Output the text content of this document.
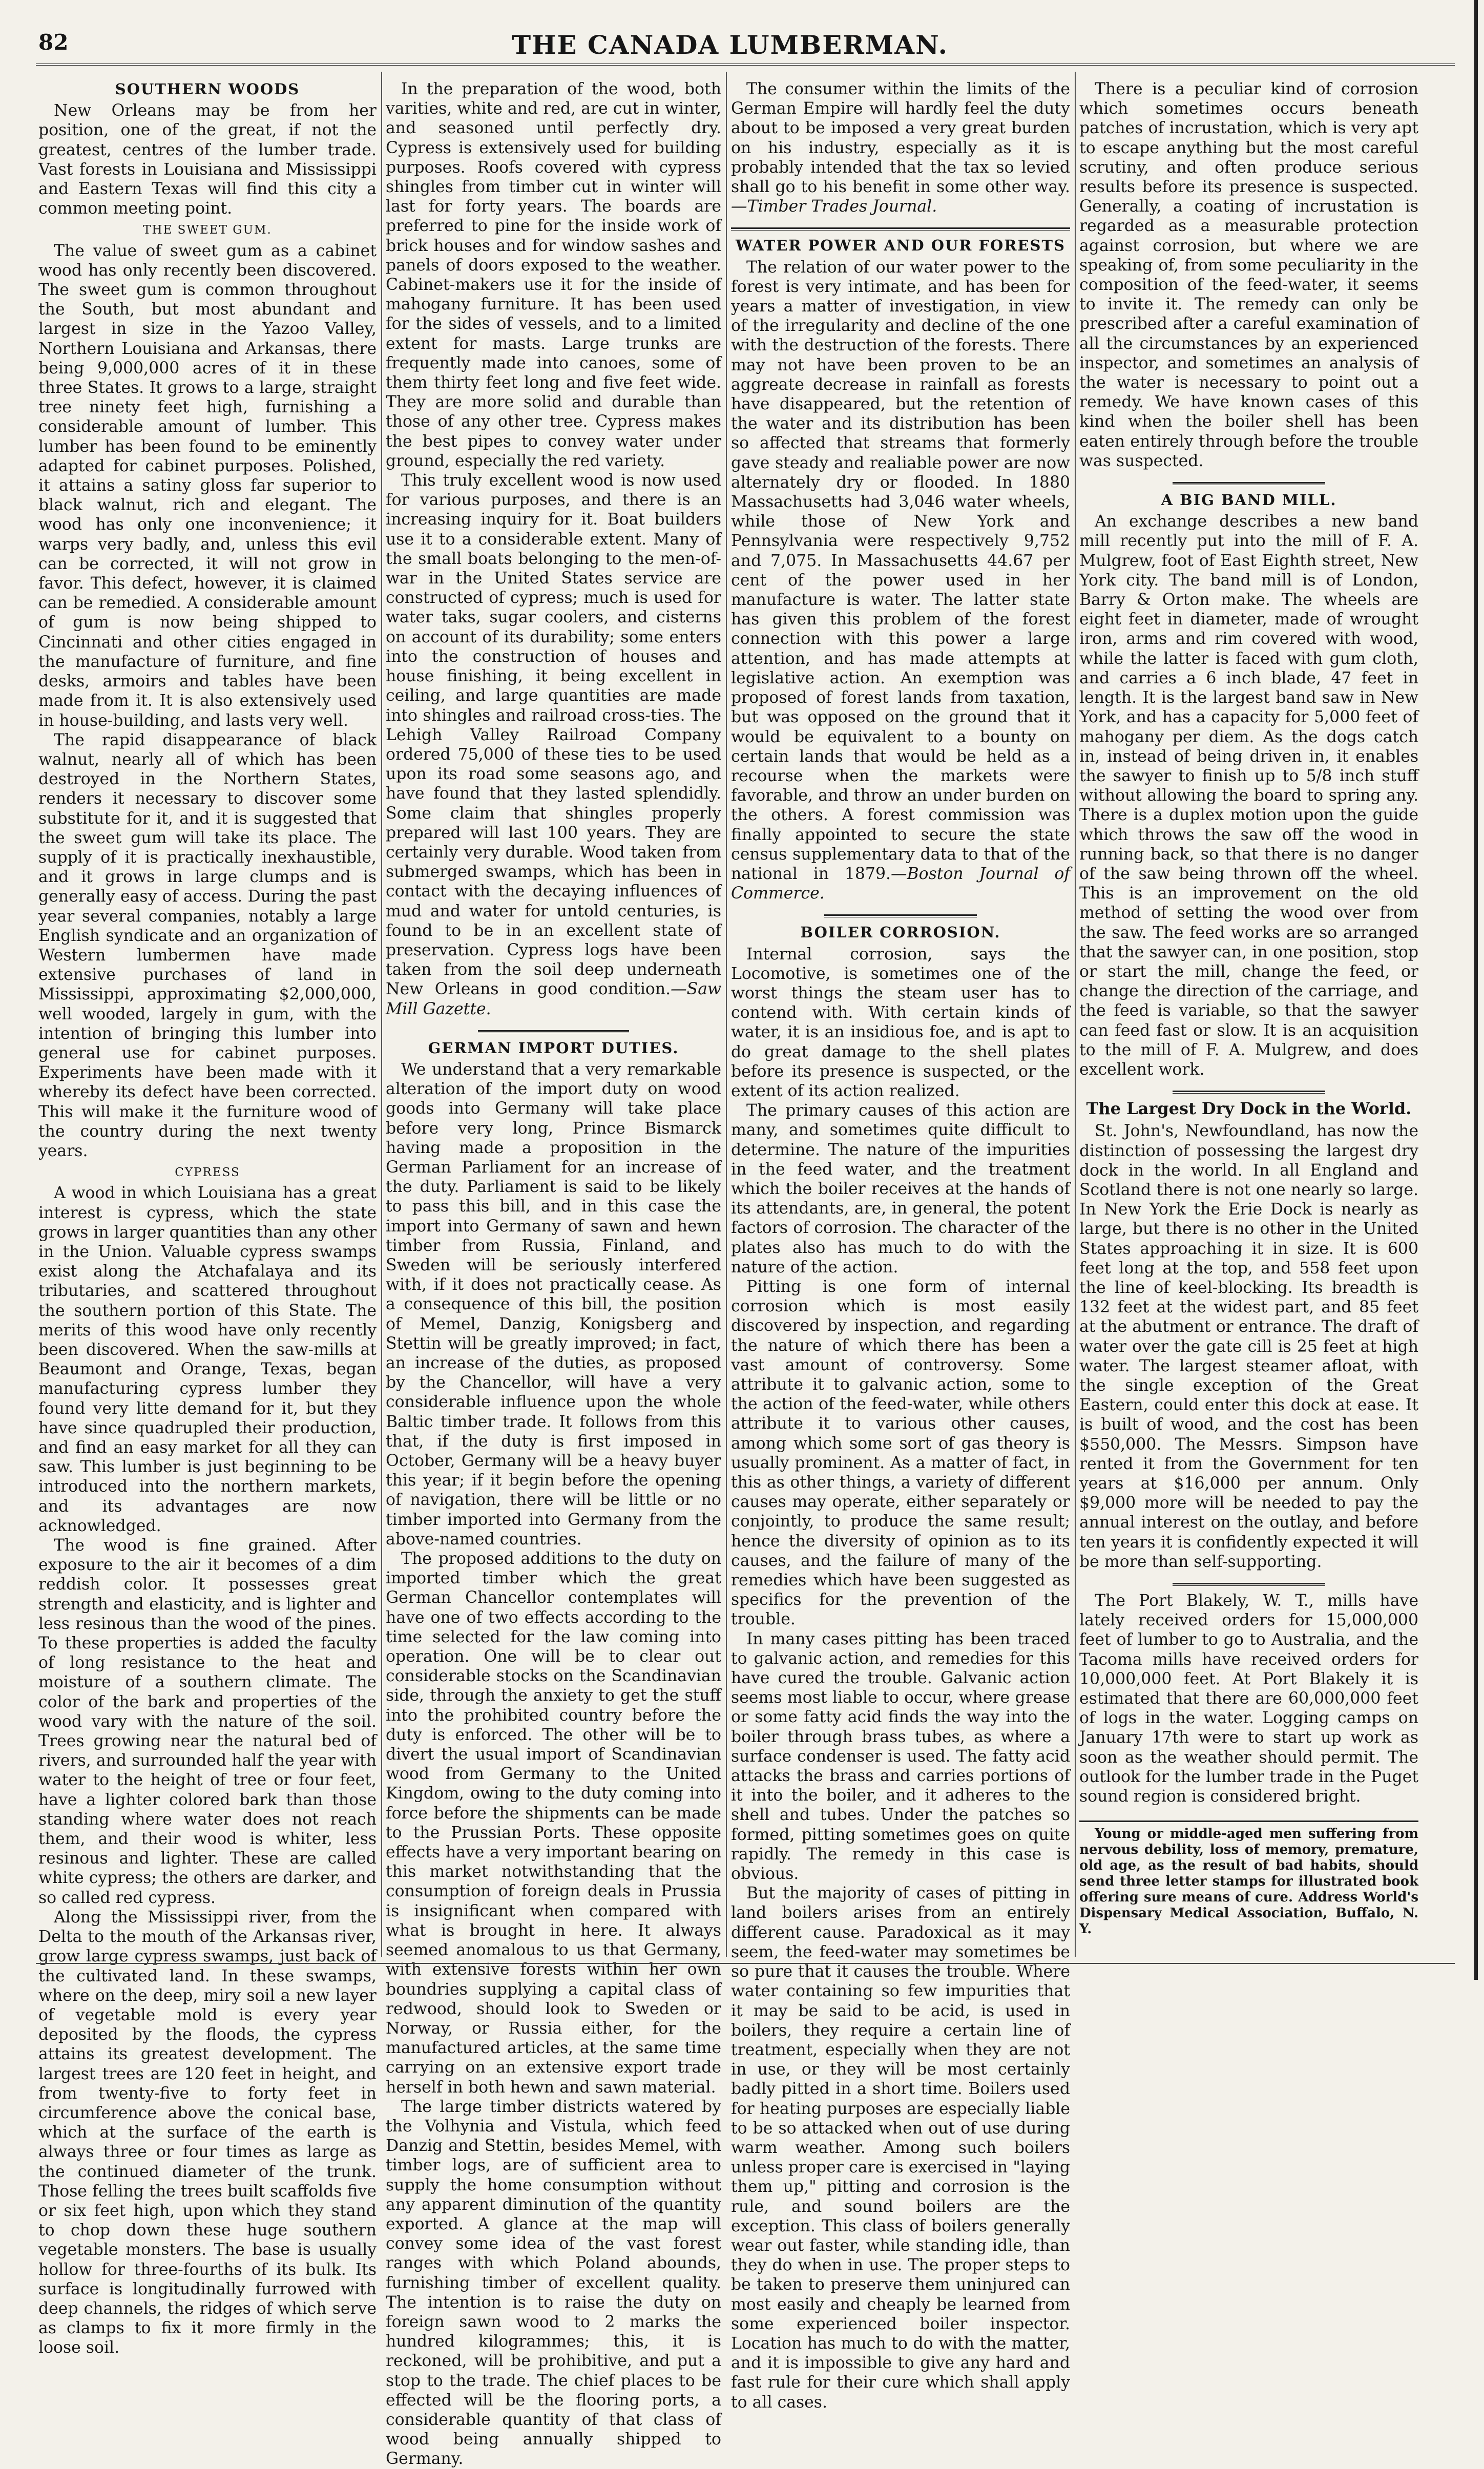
82	THE CANADA LUMBERMAN.
SOUTHERN WOODS

New Orleans may be from her position, one of the great, if not the greatest, centres of the lumber trade. Vast forests in Louisiana and Mississippi and Eastern Texas will find this city a common meeting point.

THE SWEET GUM.

The value of sweet gum as a cabinet wood has only recently been discovered. The sweet gum is common throughout the South, but most abundant and largest in size in the Yazoo Valley, Northern Louisiana and Arkansas, there being 9,000,000 acres of it in these three States. It grows to a large, straight tree ninety feet high, furnishing a considerable amount of lumber. This lumber has been found to be eminently adapted for cabinet purposes. Polished, it attains a satiny gloss far superior to black walnut, rich and elegant. The wood has only one inconvenience; it warps very badly, and, unless this evil can be corrected, it will not grow in favor. This defect, however, it is claimed can be remedied. A considerable amount of gum is now being shipped to Cincinnati and other cities engaged in the manufacture of furniture, and fine desks, armoirs and tables have been made from it. It is also extensively used in house-building, and lasts very well.

The rapid disappearance of black walnut, nearly all of which has been destroyed in the Northern States, renders it necessary to discover some substitute for it, and it is suggested that the sweet gum will take its place. The supply of it is practically inexhaustible, and it grows in large clumps and is generally easy of access. During the past year several companies, notably a large English syndicate and an organization of Western lumbermen have made extensive purchases of land in Mississippi, approximating $2,000,000, well wooded, largely in gum, with the intention of bringing this lumber into general use for cabinet purposes. Experiments have been made with it whereby its defect have been corrected. This will make it the furniture wood of the country during the next twenty years.

CYPRESS

A wood in which Louisiana has a great interest is cypress, which the state grows in larger quantities than any other in the Union. Valuable cypress swamps exist along the Atchafalaya and its tributaries, and scattered throughout the southern portion of this State. The merits of this wood have only recently been discovered. When the saw-mills at Beaumont and Orange, Texas, began manufacturing cypress lumber they found very litte demand for it, but they have since quadrupled their production, and find an easy market for all they can saw. This lumber is just beginning to be introduced into the northern markets, and its advantages are now acknowledged.

The wood is fine grained. After exposure to the air it becomes of a dim reddish color. It possesses great strength and elasticity, and is lighter and less resinous than the wood of the pines. To these properties is added the faculty of long resistance to the heat and moisture of a southern climate. The color of the bark and properties of the wood vary with the nature of the soil. Trees growing near the natural bed of rivers, and surrounded half the year with water to the height of tree or four feet, have a lighter colored bark than those standing where water does not reach them, and their wood is whiter, less resinous and lighter. These are called white cypress; the others are darker, and so called red cypress.

Along the Mississippi river, from the Delta to the mouth of the Arkansas river, grow large cypress swamps, just back of the cultivated land. In these swamps, where on the deep, miry soil a new layer of vegetable mold is every year deposited by the floods, the cypress attains its greatest development. The largest trees are 120 feet in height, and from twenty-five to forty feet in circumference above the conical base, which at the surface of the earth is always three or four times as large as the continued diameter of the trunk. Those felling the trees built scaffolds five or six feet high, upon which they stand to chop down these huge southern vegetable monsters. The base is usually hollow for three-fourths of its bulk. Its surface is longitudinally furrowed with deep channels, the ridges of which serve as clamps to fix it more firmly in the loose soil.

In the preparation of the wood, both varities, white and red, are cut in winter, and seasoned until perfectly dry. Cypress is extensively used for building purposes. Roofs covered with cypress shingles from timber cut in winter will last for forty years. The boards are preferred to pine for the inside work of brick houses and for window sashes and panels of doors exposed to the weather. Cabinet-makers use it for the inside of mahogany furniture. It has been used for the sides of vessels, and to a limited extent for masts. Large trunks are frequently made into canoes, some of them thirty feet long and five feet wide. They are more solid and durable than those of any other tree. Cypress makes the best pipes to convey water under ground, especially the red variety.

This truly excellent wood is now used for various purposes, and there is an increasing inquiry for it. Boat builders use it to a considerable extent. Many of the small boats belonging to the men-of-war in the United States service are constructed of cypress; much is used for water taks, sugar coolers, and cisterns on account of its durability; some enters into the construction of houses and house finishing, it being excellent in ceiling, and large quantities are made into shingles and railroad cross-ties. The Lehigh Valley Railroad Company ordered 75,000 of these ties to be used upon its road some seasons ago, and have found that they lasted splendidly. Some claim that shingles properly prepared will last 100 years. They are certainly very durable. Wood taken from submerged swamps, which has been in contact with the decaying influences of mud and water for untold centuries, is found to be in an excellent state of preservation. Cypress logs have been taken from the soil deep underneath New Orleans in good condition.—Saw Mill Gazette.

GERMAN IMPORT DUTIES.

We understand that a very remarkable alteration of the import duty on wood goods into Germany will take place before very long, Prince Bismarck having made a proposition in the German Parliament for an increase of the duty. Parliament is said to be likely to pass this bill, and in this case the import into Germany of sawn and hewn timber from Russia, Finland, and Sweden will be seriously interfered with, if it does not practically cease. As a consequence of this bill, the position of Memel, Danzig, Konigsberg and Stettin will be greatly improved; in fact, an increase of the duties, as proposed by the Chancellor, will have a very considerable influence upon the whole Baltic timber trade. It follows from this that, if the duty is first imposed in October, Germany will be a heavy buyer this year; if it begin before the opening of navigation, there will be little or no timber imported into Germany from the above-named countries.

The proposed additions to the duty on imported timber which the great German Chancellor contemplates will have one of two effects according to the time selected for the law coming into operation. One will be to clear out considerable stocks on the Scandinavian side, through the anxiety to get the stuff into the prohibited country before the duty is enforced. The other will be to divert the usual import of Scandinavian wood from Germany to the United Kingdom, owing to the duty coming into force before the shipments can be made to the Prussian Ports. These opposite effects have a very important bearing on this market notwithstanding that the consumption of foreign deals in Prussia is insignificant when compared with what is brought in here. It always seemed anomalous to us that Germany, with extensive forests within her own boundries supplying a capital class of redwood, should look to Sweden or Norway, or Russia either, for the manufactured articles, at the same time carrying on an extensive export trade herself in both hewn and sawn material.

The large timber districts watered by the Volhynia and Vistula, which feed Danzig and Stettin, besides Memel, with timber logs, are of sufficient area to supply the home consumption without any apparent diminution of the quantity exported. A glance at the map will convey some idea of the vast forest ranges with which Poland abounds, furnishing timber of excellent quality. The intention is to raise the duty on foreign sawn wood to 2 marks the hundred kilogrammes; this, it is reckoned, will be prohibitive, and put a stop to the trade. The chief places to be effected will be the flooring ports, a considerable quantity of that class of wood being annually shipped to Germany.

The consumer within the limits of the German Empire will hardly feel the duty about to be imposed a very great burden on his industry, especially as it is probably intended that the tax so levied shall go to his benefit in some other way.—Timber Trades Journal.

WATER POWER AND OUR FORESTS

The relation of our water power to the forest is very intimate, and has been for years a matter of investigation, in view of the irregularity and decline of the one with the destruction of the forests. There may not have been proven to be an aggreate decrease in rainfall as forests have disappeared, but the retention of the water and its distribution has been so affected that streams that formerly gave steady and realiable power are now alternately dry or flooded. In 1880 Massachusetts had 3,046 water wheels, while those of New York and Pennsylvania were respectively 9,752 and 7,075. In Massachusetts 44.67 per cent of the power used in her manufacture is water. The latter state has given this problem of the forest connection with this power a large attention, and has made attempts at legislative action. An exemption was proposed of forest lands from taxation, but was opposed on the ground that it would be equivalent to a bounty on certain lands that would be held as a recourse when the markets were favorable, and throw an under burden on the others. A forest commission was finally appointed to secure the state census supplementary data to that of the national in 1879.—Boston Journal of Commerce.

BOILER CORROSION.

Internal corrosion, says the Locomotive, is sometimes one of the worst things the steam user has to contend with. With certain kinds of water, it is an insidious foe, and is apt to do great damage to the shell plates before its presence is suspected, or the extent of its action realized.

The primary causes of this action are many, and sometimes quite difficult to determine. The nature of the impurities in the feed water, and the treatment which the boiler receives at the hands of its attendants, are, in general, the potent factors of corrosion. The character of the plates also has much to do with the nature of the action.

Pitting is one form of internal corrosion which is most easily discovered by inspection, and regarding the nature of which there has been a vast amount of controversy. Some attribute it to galvanic action, some to the action of the feed-water, while others attribute it to various other causes, among which some sort of gas theory is usually prominent. As a matter of fact, in this as other things, a variety of different causes may operate, either separately or conjointly, to produce the same result; hence the diversity of opinion as to its causes, and the failure of many of the remedies which have been suggested as specifics for the prevention of the trouble.

In many cases pitting has been traced to galvanic action, and remedies for this have cured the trouble. Galvanic action seems most liable to occur, where grease or some fatty acid finds the way into the boiler through brass tubes, as where a surface condenser is used. The fatty acid attacks the brass and carries portions of it into the boiler, and it adheres to the shell and tubes. Under the patches so formed, pitting sometimes goes on quite rapidly. The remedy in this case is obvious.

But the majority of cases of pitting in land boilers arises from an entirely different cause. Paradoxical as it may seem, the feed-water may sometimes be so pure that it causes the trouble. Where water containing so few impurities that it may be said to be acid, is used in boilers, they require a certain line of treatment, especially when they are not in use, or they will be most certainly badly pitted in a short time. Boilers used for heating purposes are especially liable to be so attacked when out of use during warm weather. Among such boilers unless proper care is exercised in "laying them up," pitting and corrosion is the rule, and sound boilers are the exception. This class of boilers generally wear out faster, while standing idle, than they do when in use. The proper steps to be taken to preserve them uninjured can most easily and cheaply be learned from some experienced boiler inspector. Location has much to do with the matter, and it is impossible to give any hard and fast rule for their cure which shall apply to all cases.

There is a peculiar kind of corrosion which sometimes occurs beneath patches of incrustation, which is very apt to escape anything but the most careful scrutiny, and often produce serious results before its presence is suspected. Generally, a coating of incrustation is regarded as a measurable protection against corrosion, but where we are speaking of, from some peculiarity in the composition of the feed-water, it seems to invite it. The remedy can only be prescribed after a careful examination of all the circumstances by an experienced inspector, and sometimes an analysis of the water is necessary to point out a remedy. We have known cases of this kind when the boiler shell has been eaten entirely through before the trouble was suspected.

A BIG BAND MILL.

An exchange describes a new band mill recently put into the mill of F. A. Mulgrew, foot of East Eighth street, New York city. The band mill is of London, Barry & Orton make. The wheels are eight feet in diameter, made of wrought iron, arms and rim covered with wood, while the latter is faced with gum cloth, and carries a 6 inch blade, 47 feet in length. It is the largest band saw in New York, and has a capacity for 5,000 feet of mahogany per diem. As the dogs catch in, instead of being driven in, it enables the sawyer to finish up to 5/8 inch stuff without allowing the board to spring any. There is a duplex motion upon the guide which throws the saw off the wood in running back, so that there is no danger of the saw being thrown off the wheel. This is an improvement on the old method of setting the wood over from the saw. The feed works are so arranged that the sawyer can, in one position, stop or start the mill, change the feed, or change the direction of the carriage, and the feed is variable, so that the sawyer can feed fast or slow. It is an acquisition to the mill of F. A. Mulgrew, and does excellent work.

The Largest Dry Dock in the World.

St. John's, Newfoundland, has now the distinction of possessing the largest dry dock in the world. In all England and Scotland there is not one nearly so large. In New York the Erie Dock is nearly as large, but there is no other in the United States approaching it in size. It is 600 feet long at the top, and 558 feet upon the line of keel-blocking. Its breadth is 132 feet at the widest part, and 85 feet at the abutment or entrance. The draft of water over the gate cill is 25 feet at high water. The largest steamer afloat, with the single exception of the Great Eastern, could enter this dock at ease. It is built of wood, and the cost has been $550,000. The Messrs. Simpson have rented it from the Government for ten years at $16,000 per annum. Only $9,000 more will be needed to pay the annual interest on the outlay, and before ten years it is confidently expected it will be more than self-supporting.

The Port Blakely, W. T., mills have lately received orders for 15,000,000 feet of lumber to go to Australia, and the Tacoma mills have received orders for 10,000,000 feet. At Port Blakely it is estimated that there are 60,000,000 feet of logs in the water. Logging camps on January 17th were to start up work as soon as the weather should permit. The outlook for the lumber trade in the Puget sound region is considered bright.

Young or middle-aged men suffering from nervous debility, loss of memory, premature, old age, as the result of bad habits, should send three letter stamps for illustrated book offering sure means of cure. Address World's Dispensary Medical Association, Buffalo, N. Y.
